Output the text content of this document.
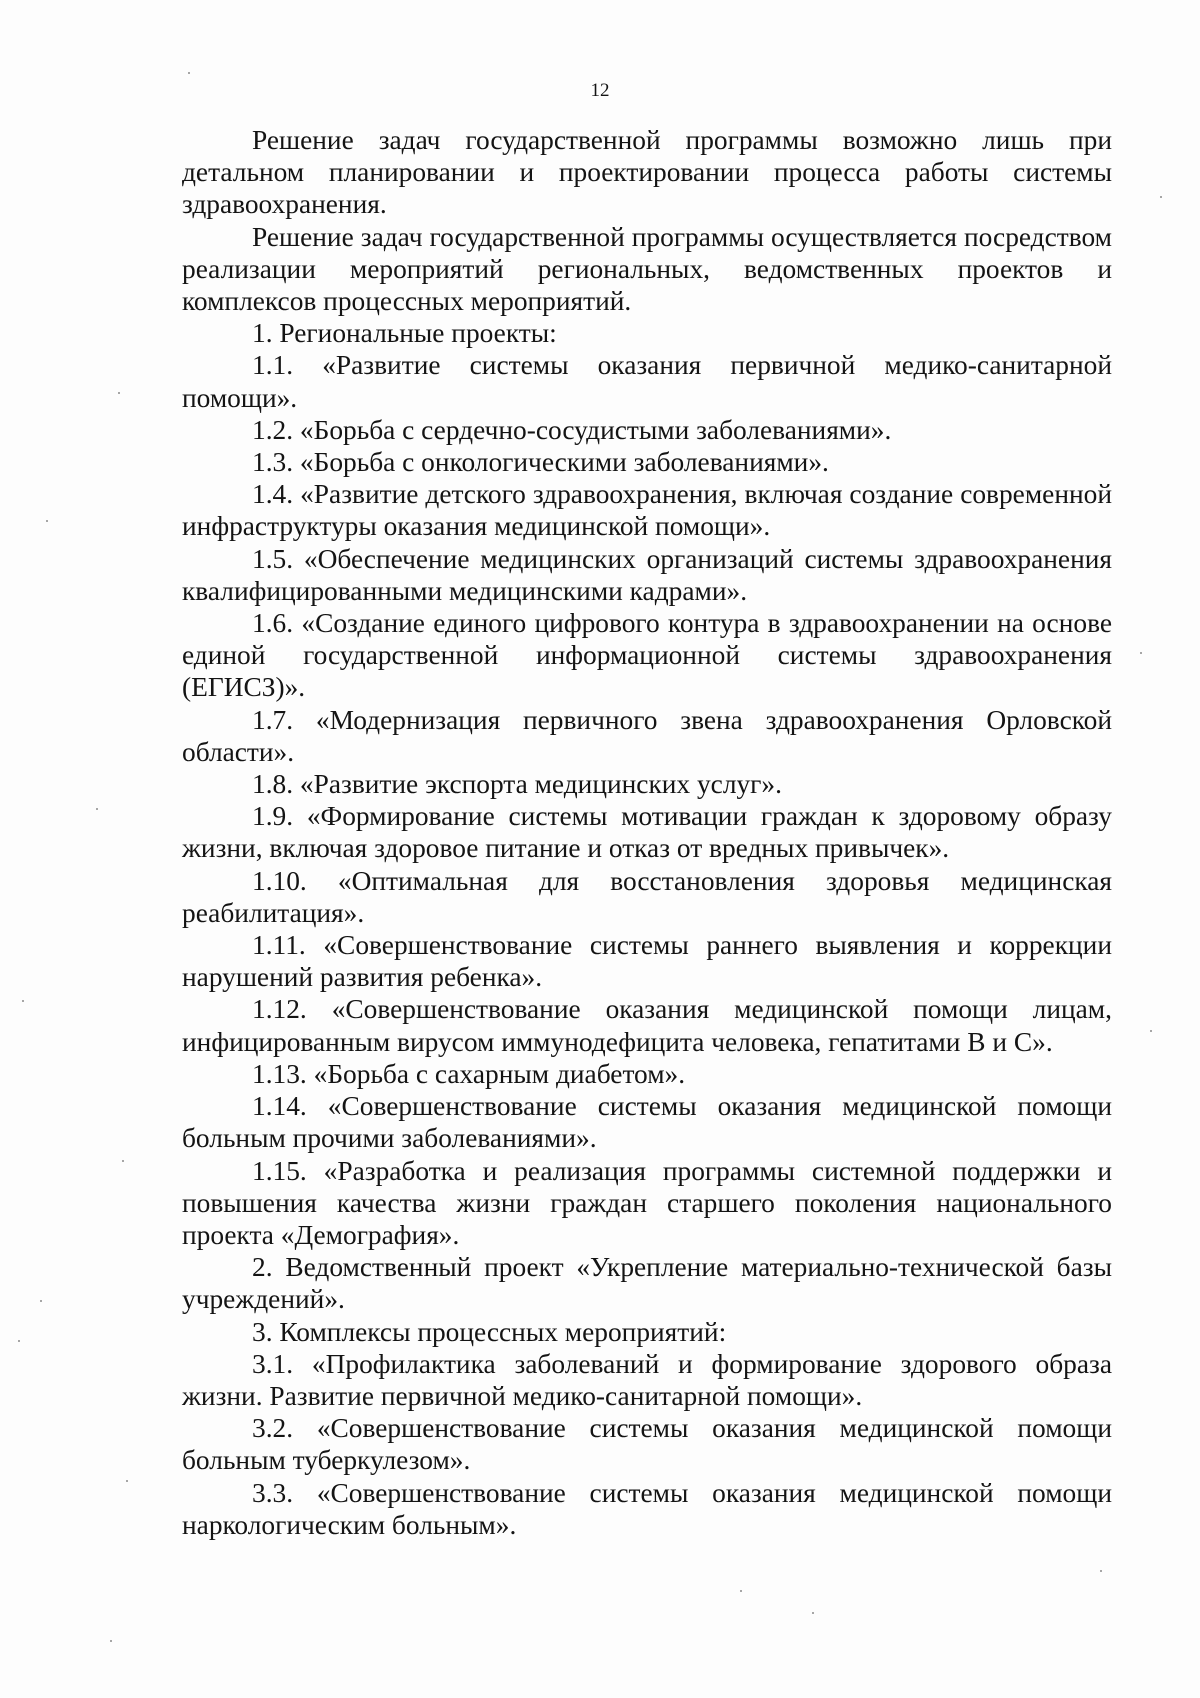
12

Решение задач государственной программы возможно лишь при детальном планировании и проектировании процесса работы системы здравоохранения.

Решение задач государственной программы осуществляется посредством реализации мероприятий региональных, ведомственных проектов и комплексов процессных мероприятий.

1. Региональные проекты:

1.1. «Развитие системы оказания первичной медико-санитарной помощи».

1.2. «Борьба с сердечно-сосудистыми заболеваниями».

1.3. «Борьба с онкологическими заболеваниями».

1.4. «Развитие детского здравоохранения, включая создание современной инфраструктуры оказания медицинской помощи».

1.5. «Обеспечение медицинских организаций системы здравоохранения квалифицированными медицинскими кадрами».

1.6. «Создание единого цифрового контура в здравоохранении на основе единой государственной информационной системы здравоохранения (ЕГИСЗ)».

1.7. «Модернизация первичного звена здравоохранения Орловской области».

1.8. «Развитие экспорта медицинских услуг».

1.9. «Формирование системы мотивации граждан к здоровому образу жизни, включая здоровое питание и отказ от вредных привычек».

1.10. «Оптимальная для восстановления здоровья медицинская реабилитация».

1.11. «Совершенствование системы раннего выявления и коррекции нарушений развития ребенка».

1.12. «Совершенствование оказания медицинской помощи лицам, инфицированным вирусом иммунодефицита человека, гепатитами В и С».

1.13. «Борьба с сахарным диабетом».

1.14. «Совершенствование системы оказания медицинской помощи больным прочими заболеваниями».

1.15. «Разработка и реализация программы системной поддержки и повышения качества жизни граждан старшего поколения национального проекта «Демография».

2. Ведомственный проект «Укрепление материально-технической базы учреждений».

3. Комплексы процессных мероприятий:

3.1. «Профилактика заболеваний и формирование здорового образа жизни. Развитие первичной медико-санитарной помощи».

3.2. «Совершенствование системы оказания медицинской помощи больным туберкулезом».

3.3. «Совершенствование системы оказания медицинской помощи наркологическим больным».
